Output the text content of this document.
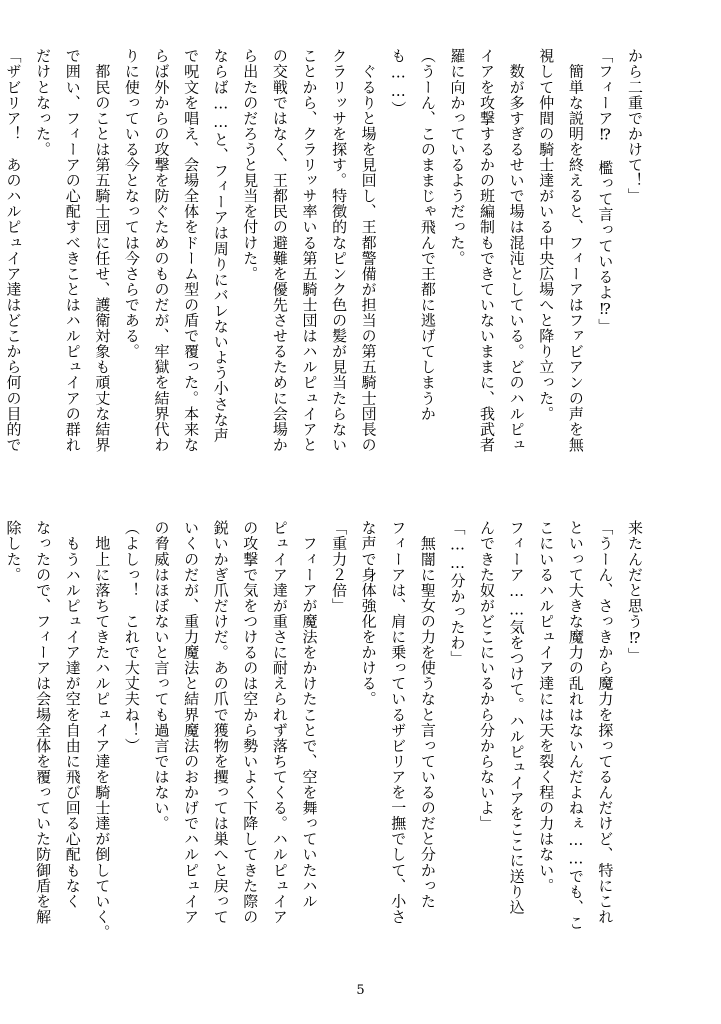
から二重でかけて！」
「フィーア⁉　檻って言っているよ⁉」
　簡単な説明を終えると、フィーアはファビアンの声を無
視して仲間の騎士達がいる中央広場へと降り立った。
　数が多すぎるせいで場は混沌としている。どのハルピュ
イアを攻撃するかの班編制もできていないままに、我武者
羅に向かっているようだった。
（うーん、このままじゃ飛んで王都に逃げてしまうか
も……）
　ぐるりと場を見回し、王都警備が担当の第五騎士団長の
クラリッサを探す。特徴的なピンク色の髪が見当たらない
ことから、クラリッサ率いる第五騎士団はハルピュイアと
の交戦ではなく、王都民の避難を優先させるために会場か
ら出たのだろうと見当を付けた。
ならば……と、フィーアは周りにバレないよう小さな声
で呪文を唱え、会場全体をドーム型の盾で覆った。本来な
らば外からの攻撃を防ぐためのものだが、牢獄を結界代わ
りに使っている今となっては今さらである。
　都民のことは第五騎士団に任せ、護衛対象も頑丈な結界
で囲い、フィーアの心配すべきことはハルピュイアの群れ
だけとなった。
「ザビリア！　あのハルピュイア達はどこから何の目的で
来たんだと思う⁉」
「うーん、さっきから魔力を探ってるんだけど、特にこれ
といって大きな魔力の乱れはないんだよねぇ……でも、こ
こにいるハルピュイア達には天を裂く程の力はない。
フィーア……気をつけて。ハルピュイアをここに送り込
んできた奴がどこにいるから分からないよ」
「……分かったわ」
　無闇に聖女の力を使うなと言っているのだと分かった
フィーアは、肩に乗っているザビリアを一撫でして、小さ
な声で身体強化をかける。
「重力２倍」
　フィーアが魔法をかけたことで、空を舞っていたハル
ピュイア達が重さに耐えられず落ちてくる。ハルピュイア
の攻撃で気をつけるのは空から勢いよく下降してきた際の
鋭いかぎ爪だけだ。あの爪で獲物を攫っては巣へと戻って
いくのだが、重力魔法と結界魔法のおかげでハルピュイア
の脅威はほぼないと言っても過言ではない。
（よしっ！　これで大丈夫ね！）
　地上に落ちてきたハルピュイア達を騎士達が倒していく。
　もうハルピュイア達が空を自由に飛び回る心配もなく
なったので、フィーアは会場全体を覆っていた防御盾を解
除した。
5
